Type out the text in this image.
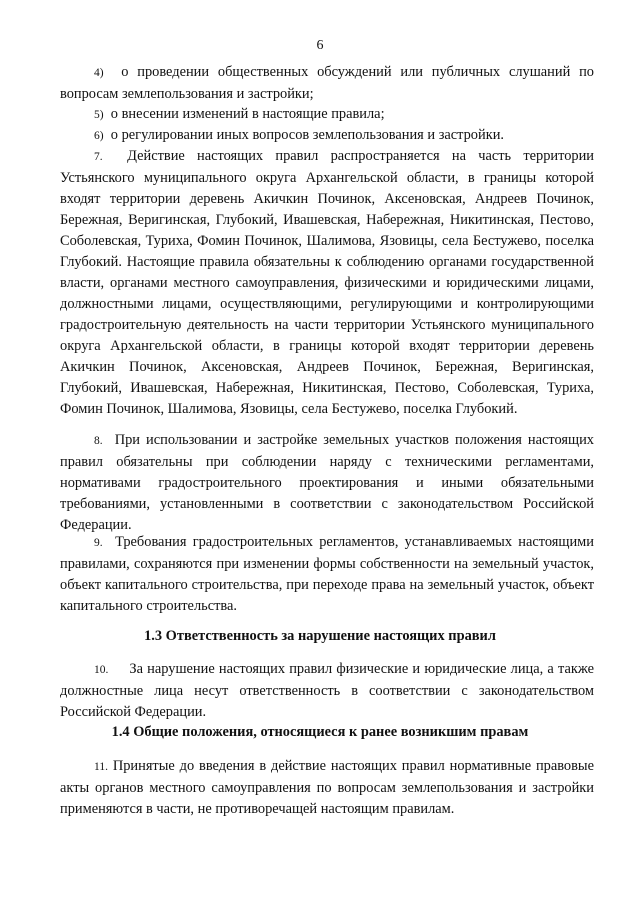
6

4) о проведении общественных обсуждений или публичных слушаний по вопросам землепользования и застройки;

5) о внесении изменений в настоящие правила;

6) о регулировании иных вопросов землепользования и застройки.

7. Действие настоящих правил распространяется на часть территории Устьянского муниципального округа Архангельской области, в границы которой входят территории деревень Акичкин Починок, Аксеновская, Андреев Починок, Бережная, Веригинская, Глубокий, Ивашевская, Набережная, Никитинская, Пестово, Соболевская, Туриха, Фомин Починок, Шалимова, Язовицы, села Бестужево, поселка Глубокий. Настоящие правила обязательны к соблюдению органами государственной власти, органами местного самоуправления, физическими и юридическими лицами, должностными лицами, осуществляющими, регулирующими и контролирующими градостроительную деятельность на части территории Устьянского муниципального округа Архангельской области, в границы которой входят территории деревень Акичкин Починок, Аксеновская, Андреев Починок, Бережная, Веригинская, Глубокий, Ивашевская, Набережная, Никитинская, Пестово, Соболевская, Туриха, Фомин Починок, Шалимова, Язовицы, села Бестужево, поселка Глубокий.

8. При использовании и застройке земельных участков положения настоящих правил обязательны при соблюдении наряду с техническими регламентами, нормативами градостроительного проектирования и иными обязательными требованиями, установленными в соответствии с законодательством Российской Федерации.

9. Требования градостроительных регламентов, устанавливаемых настоящими правилами, сохраняются при изменении формы собственности на земельный участок, объект капитального строительства, при переходе права на земельный участок, объект капитального строительства.

1.3 Ответственность за нарушение настоящих правил

10. За нарушение настоящих правил физические и юридические лица, а также должностные лица несут ответственность в соответствии с законодательством Российской Федерации.

1.4 Общие положения, относящиеся к ранее возникшим правам

11. Принятые до введения в действие настоящих правил нормативные правовые акты органов местного самоуправления по вопросам землепользования и застройки применяются в части, не противоречащей настоящим правилам.
